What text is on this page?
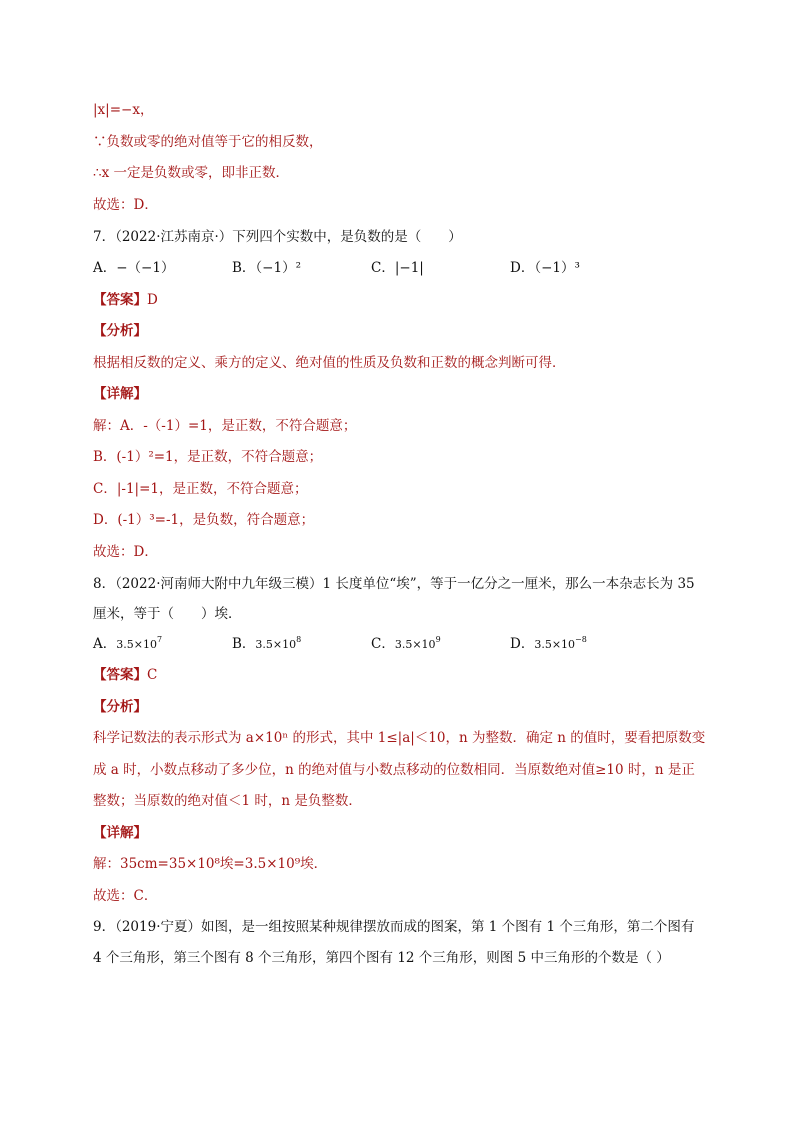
|x|=−x，
∵负数或零的绝对值等于它的相反数，
∴x 一定是负数或零，即非正数．
故选：D．
7．（2022·江苏南京·）下列四个实数中，是负数的是（　　）
A．−（−1）	B．（−1）²	C．|−1|	D．（−1）³
【答案】D
【分析】
根据相反数的定义、乘方的定义、绝对值的性质及负数和正数的概念判断可得．
【详解】
解：A．-（-1）=1，是正数，不符合题意；
B．(-1）²=1，是正数，不符合题意；
C．|-1|=1，是正数，不符合题意；
D．(-1）³=-1，是负数，符合题意；
故选：D．
8．（2022·河南师大附中九年级三模）1 长度单位“埃”，等于一亿分之一厘米，那么一本杂志长为 35
厘米，等于（　　）埃．
A．$3.5\times 10^7$	B．$3.5\times 10^8$	C．$3.5\times 10^9$	D．$3.5\times 10^{-8}$
【答案】C
【分析】
科学记数法的表示形式为 a×10ⁿ 的形式，其中 1≤|a|＜10，n 为整数．确定 n 的值时，要看把原数变
成 a 时，小数点移动了多少位，n 的绝对值与小数点移动的位数相同．当原数绝对值≥10 时，n 是正
整数；当原数的绝对值＜1 时，n 是负整数．
【详解】
解：35cm=35×10⁸埃=3.5×10⁹埃．
故选：C．
9．（2019·宁夏）如图，是一组按照某种规律摆放而成的图案，第 1 个图有 1 个三角形，第二个图有
4 个三角形，第三个图有 8 个三角形，第四个图有 12 个三角形，则图 5 中三角形的个数是（ ）
